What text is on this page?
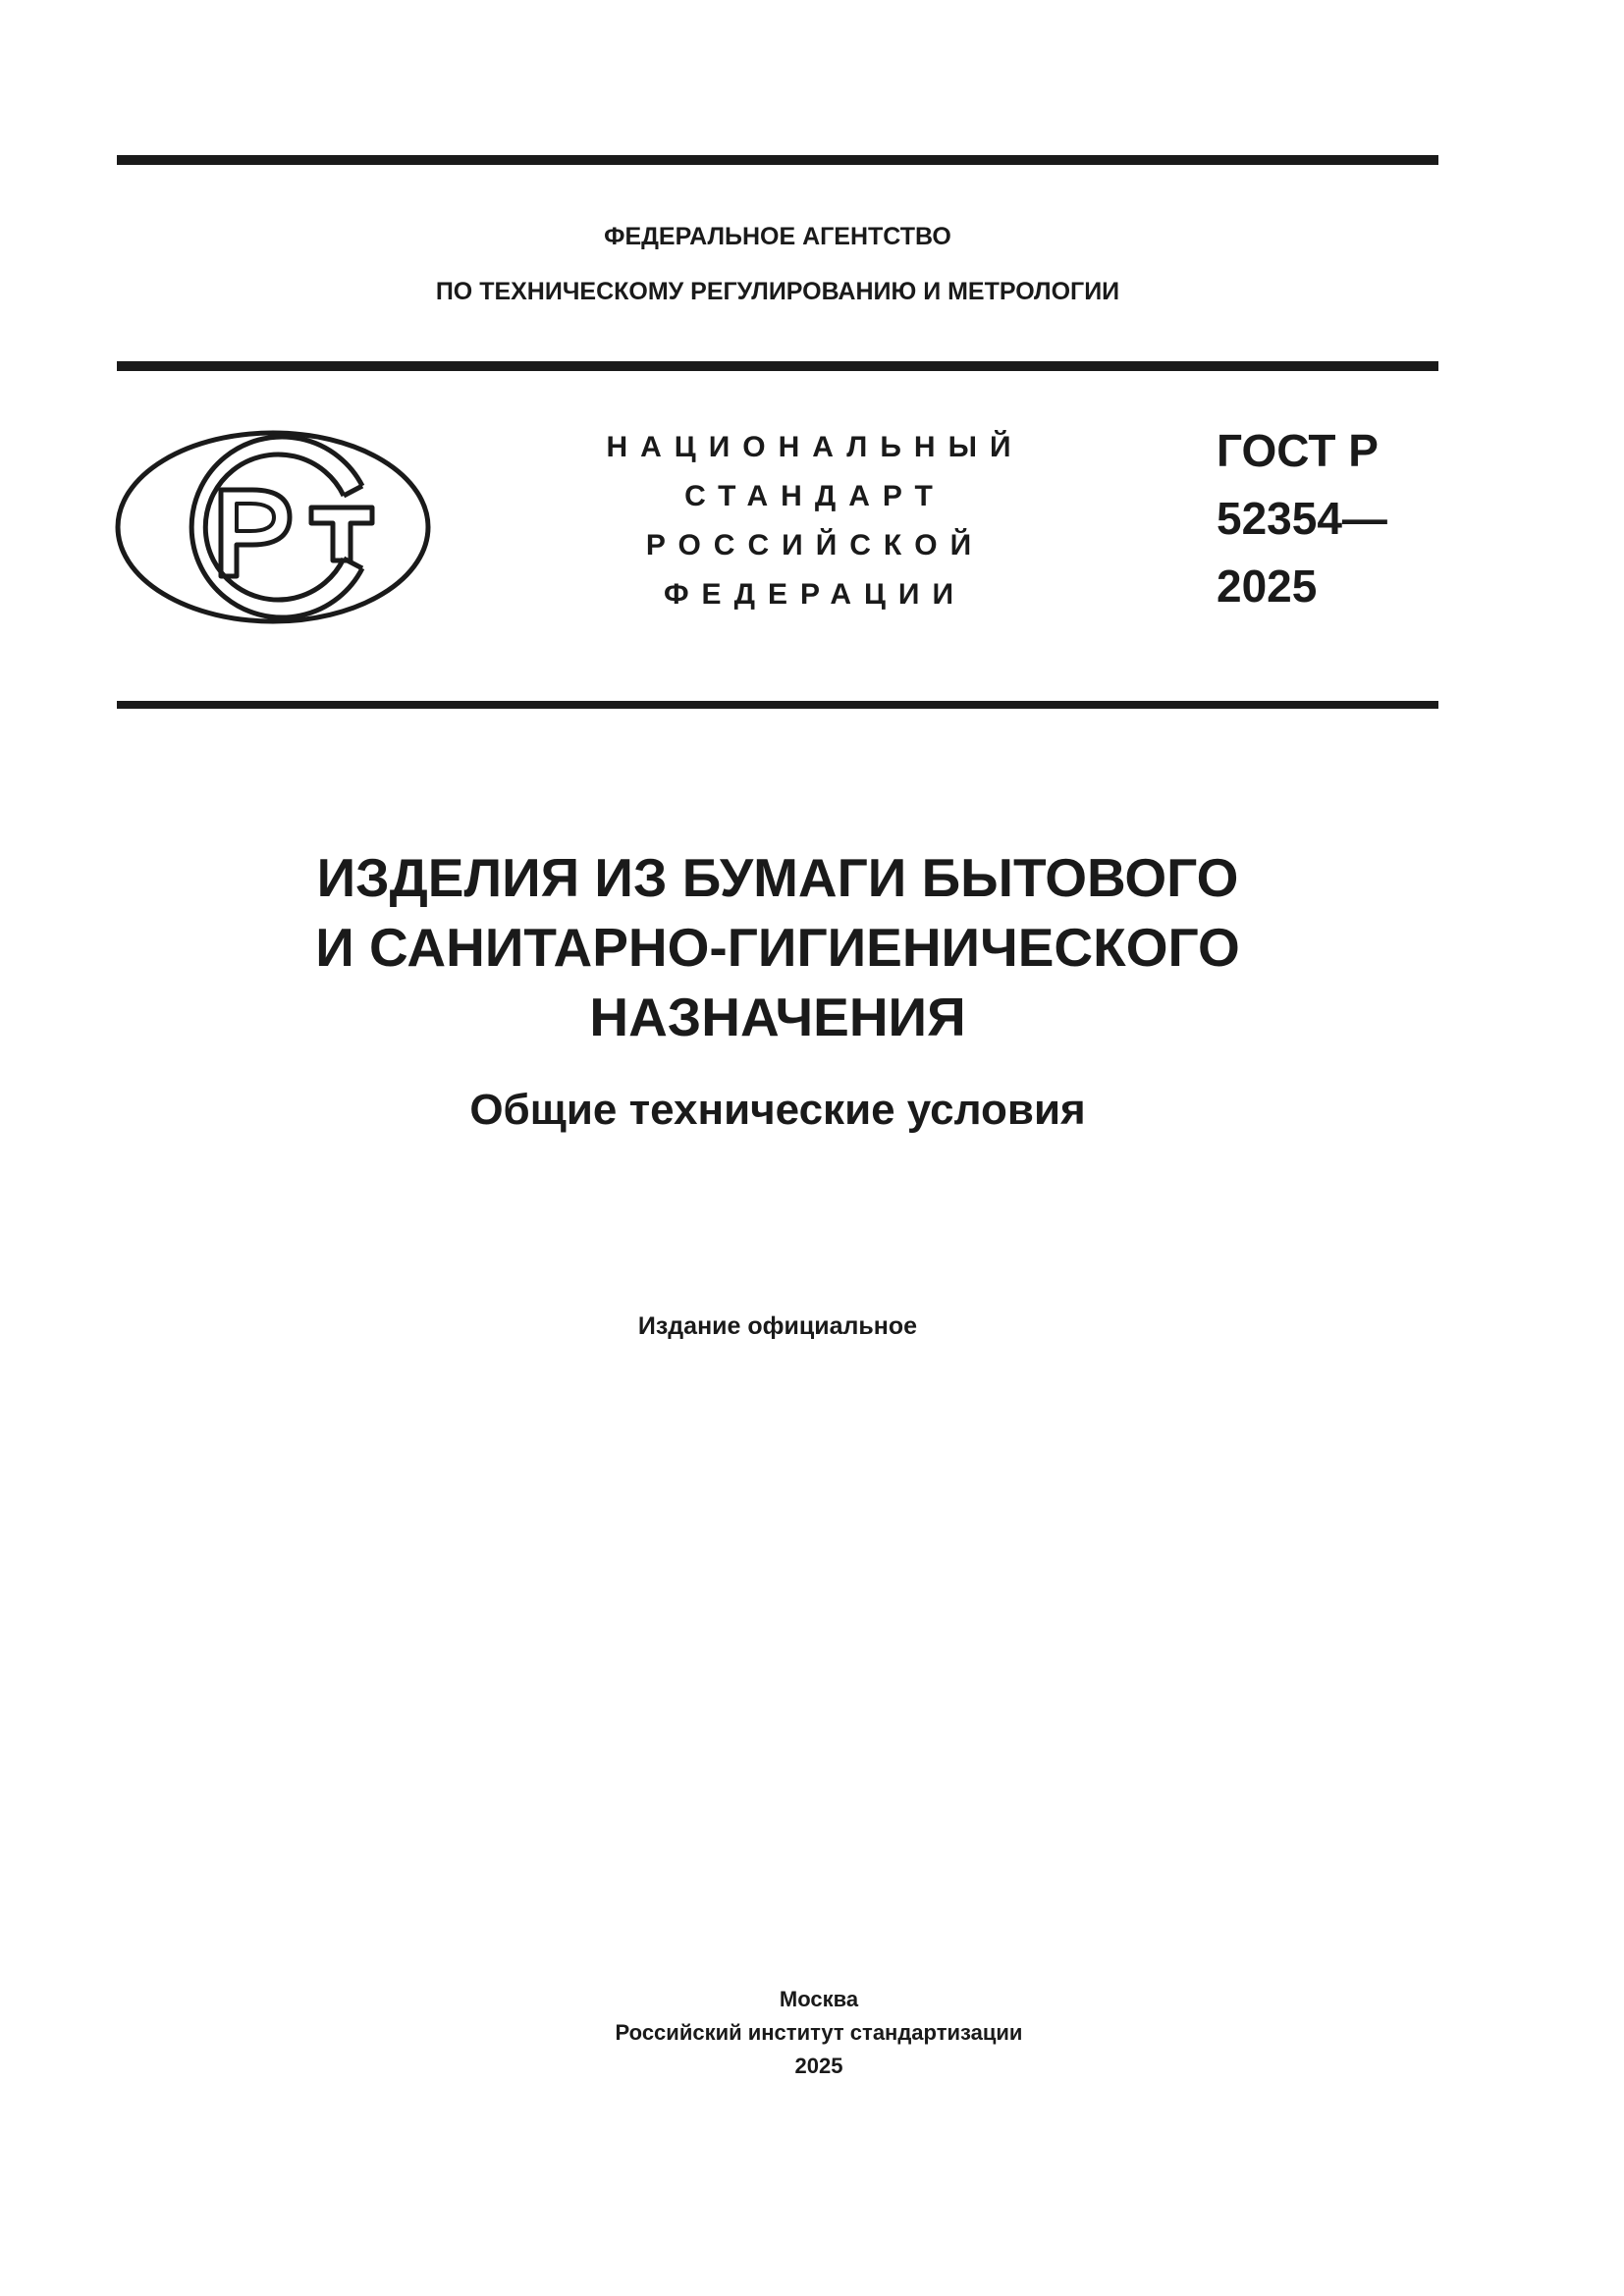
ФЕДЕРАЛЬНОЕ АГЕНТСТВО
ПО ТЕХНИЧЕСКОМУ РЕГУЛИРОВАНИЮ И МЕТРОЛОГИИ
НАЦИОНАЛЬНЫЙ
СТАНДАРТ
РОССИЙСКОЙ
ФЕДЕРАЦИИ
ГОСТ Р
52354—
2025
ИЗДЕЛИЯ ИЗ БУМАГИ БЫТОВОГО
И САНИТАРНО-ГИГИЕНИЧЕСКОГО
НАЗНАЧЕНИЯ
Общие технические условия
Издание официальное
Москва
Российский институт стандартизации
2025
